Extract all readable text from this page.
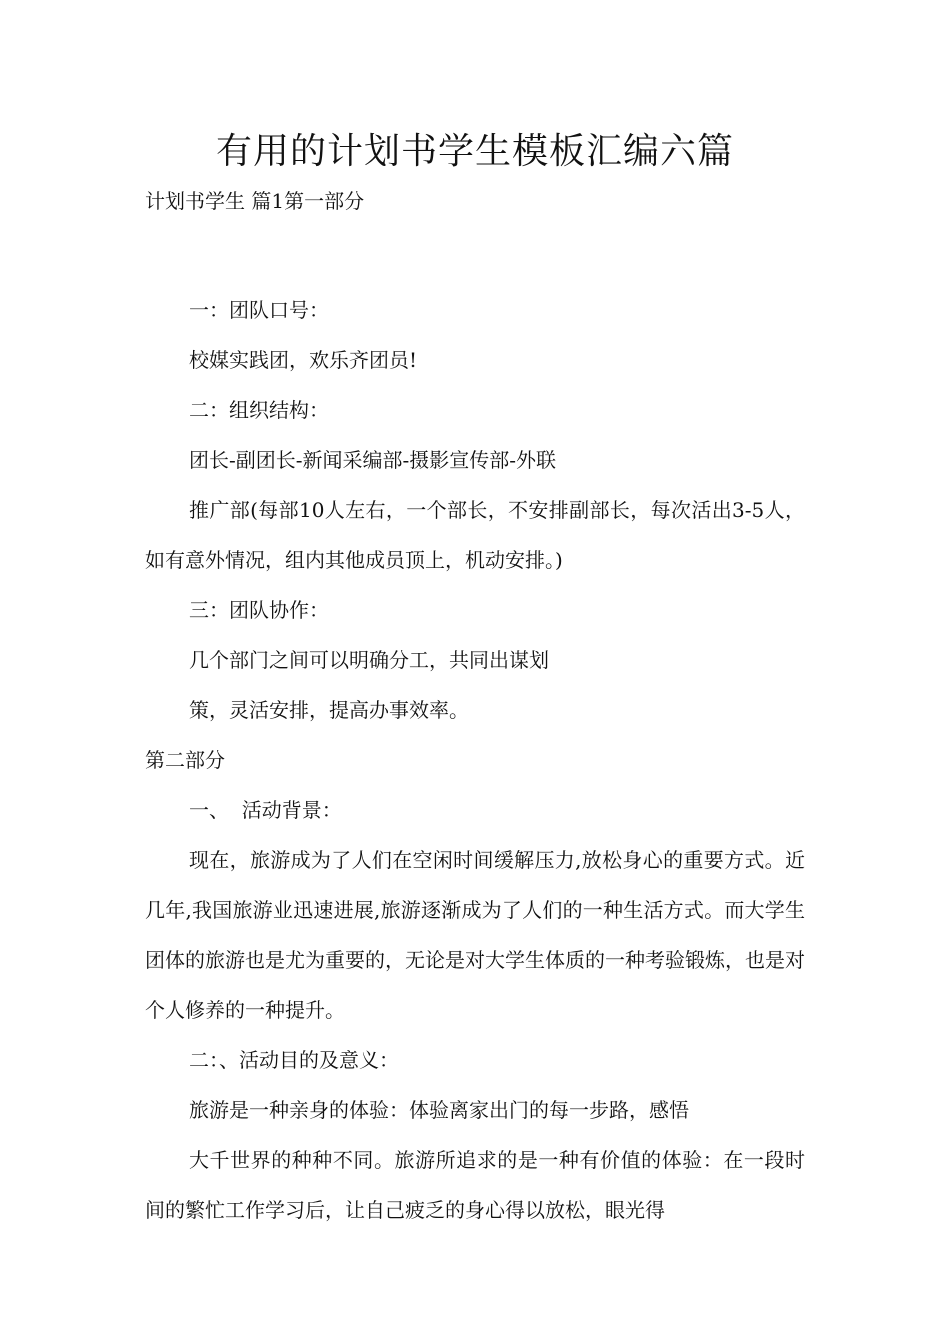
有用的计划书学生模板汇编六篇
计划书学生 篇1第一部分

一：团队口号：

校媒实践团，欢乐齐团员!

二：组织结构：

团长-副团长-新闻采编部-摄影宣传部-外联

推广部(每部10人左右，一个部长，不安排副部长，每次活出3-5人，如有意外情况，组内其他成员顶上，机动安排。)

三：团队协作：

几个部门之间可以明确分工，共同出谋划

策，灵活安排，提高办事效率。

第二部分

一、  活动背景：

现在，旅游成为了人们在空闲时间缓解压力,放松身心的重要方式。近几年,我国旅游业迅速进展,旅游逐渐成为了人们的一种生活方式。而大学生团体的旅游也是尤为重要的，无论是对大学生体质的一种考验锻炼，也是对个人修养的一种提升。

二：、活动目的及意义：

旅游是一种亲身的体验：体验离家出门的每一步路，感悟

大千世界的种种不同。旅游所追求的是一种有价值的体验：在一段时间的繁忙工作学习后，让自己疲乏的身心得以放松，眼光得
